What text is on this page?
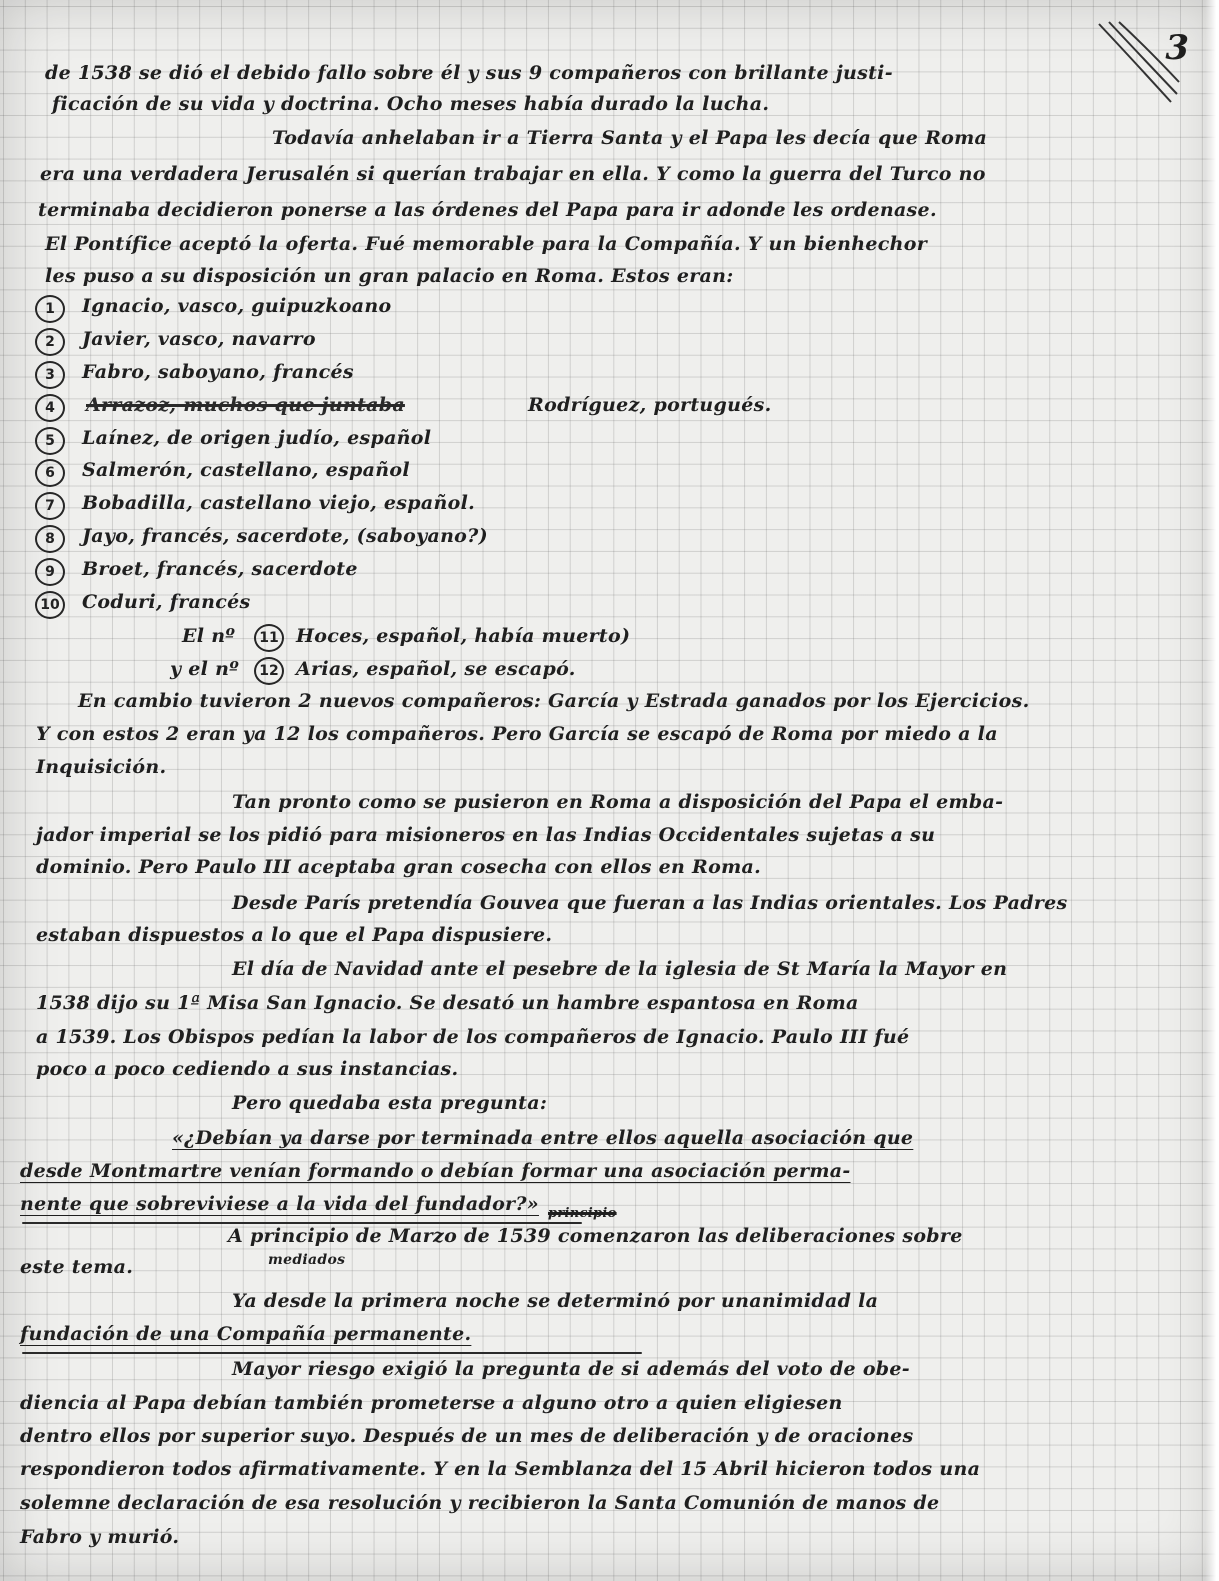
3

de 1538 se dió el debido fallo sobre él y sus 9 compañeros con brillante justi-

ficación de su vida y doctrina. Ocho meses había durado la lucha.

Todavía anhelaban ir a Tierra Santa y el Papa les decía que Roma

era una verdadera Jerusalén si querían trabajar en ella. Y como la guerra del Turco no

terminaba decidieron ponerse a las órdenes del Papa para ir adonde les ordenase.

El Pontífice aceptó la oferta. Fué memorable para la Compañía. Y un bienhechor

les puso a su disposición un gran palacio en Roma. Estos eran:

1	Ignacio, vasco, guipuzkoano

2	Javier, vasco, navarro

3	Fabro, saboyano, francés

4	Arrazoz, muchos que juntaba	Rodríguez, portugués.

5	Laínez, de origen judío, español

6	Salmerón, castellano, español

7	Bobadilla, castellano viejo, español.

8	Jayo, francés, sacerdote, (saboyano?)

9	Broet, francés, sacerdote

10 Coduri, francés

El nº	11 Hoces, español, había muerto)

y el nº	12 Arias, español, se escapó.

En cambio tuvieron 2 nuevos compañeros: García y Estrada ganados por los Ejercicios.

Y con estos 2 eran ya 12 los compañeros. Pero García se escapó de Roma por miedo a la

Inquisición.

Tan pronto como se pusieron en Roma a disposición del Papa el emba-

jador imperial se los pidió para misioneros en las Indias Occidentales sujetas a su

dominio. Pero Paulo III aceptaba gran cosecha con ellos en Roma.

Desde París pretendía Gouvea que fueran a las Indias orientales. Los Padres

estaban dispuestos a lo que el Papa dispusiere.

El día de Navidad ante el pesebre de la iglesia de St María la Mayor en

1538 dijo su 1ª Misa San Ignacio. Se desató un hambre espantosa en Roma

a 1539. Los Obispos pedían la labor de los compañeros de Ignacio. Paulo III fué

poco a poco cediendo a sus instancias.

Pero quedaba esta pregunta:

«¿Debían ya darse por terminada entre ellos aquella asociación que

desde Montmartre venían formando o debían formar una asociación perma-

nente que sobreviviese a la vida del fundador?»

A principio de Marzo de 1539 comenzaron las deliberaciones sobre

principio

mediados

este tema.

Ya desde la primera noche se determinó por unanimidad la

fundación de una Compañía permanente.

Mayor riesgo exigió la pregunta de si además del voto de obe-

diencia al Papa debían también prometerse a alguno otro a quien eligiesen

dentro ellos por superior suyo. Después de un mes de deliberación y de oraciones

respondieron todos afirmativamente. Y en la Semblanza del 15 Abril hicieron todos una

solemne declaración de esa resolución y recibieron la Santa Comunión de manos de

Fabro y murió.
